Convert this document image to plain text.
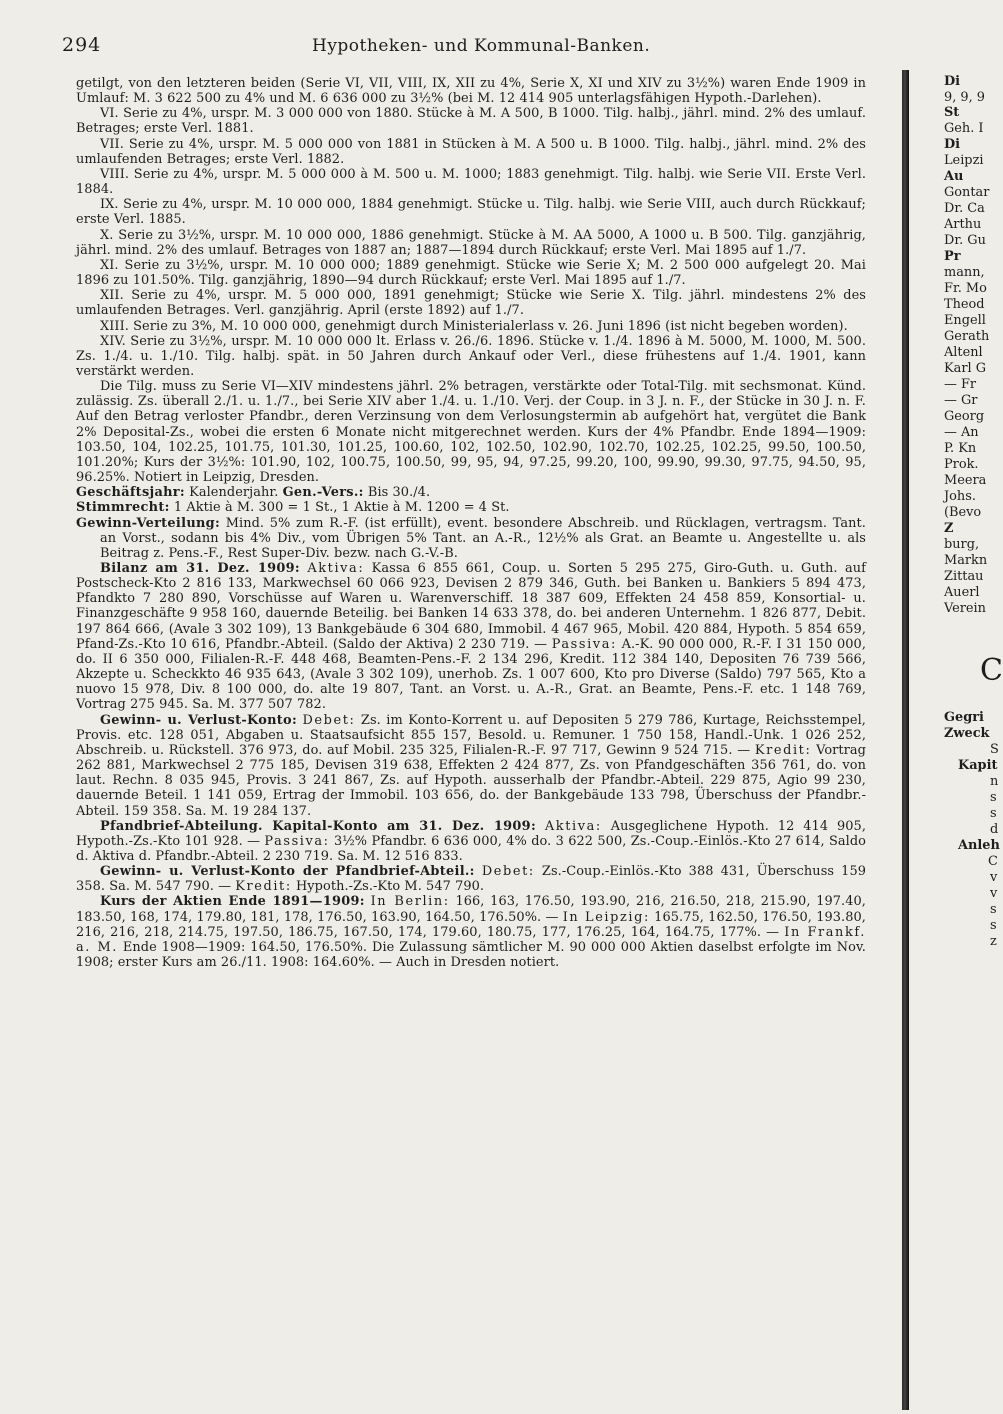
294	Hypotheken- und Kommunal-Banken.

getilgt, von den letzteren beiden (Serie VI, VII, VIII, IX, XII zu 4%, Serie X, XI und XIV zu 3½%) waren Ende 1909 in Umlauf: M. 3 622 500 zu 4% und M. 6 636 000 zu 3½% (bei M. 12 414 905 unterlagsfähigen Hypoth.-Darlehen).

VI. Serie zu 4%, urspr. M. 3 000 000 von 1880. Stücke à M. A 500, B 1000. Tilg. halbj., jährl. mind. 2% des umlauf. Betrages; erste Verl. 1881.

VII. Serie zu 4%, urspr. M. 5 000 000 von 1881 in Stücken à M. A 500 u. B 1000. Tilg. halbj., jährl. mind. 2% des umlaufenden Betrages; erste Verl. 1882.

VIII. Serie zu 4%, urspr. M. 5 000 000 à M. 500 u. M. 1000; 1883 genehmigt. Tilg. halbj. wie Serie VII. Erste Verl. 1884.

IX. Serie zu 4%, urspr. M. 10 000 000, 1884 genehmigt. Stücke u. Tilg. halbj. wie Serie VIII, auch durch Rückkauf; erste Verl. 1885.

X. Serie zu 3½%, urspr. M. 10 000 000, 1886 genehmigt. Stücke à M. AA 5000, A 1000 u. B 500. Tilg. ganzjährig, jährl. mind. 2% des umlauf. Betrages von 1887 an; 1887—1894 durch Rückkauf; erste Verl. Mai 1895 auf 1./7.

XI. Serie zu 3½%, urspr. M. 10 000 000; 1889 genehmigt. Stücke wie Serie X; M. 2 500 000 aufgelegt 20. Mai 1896 zu 101.50%. Tilg. ganzjährig, 1890—94 durch Rückkauf; erste Verl. Mai 1895 auf 1./7.

XII. Serie zu 4%, urspr. M. 5 000 000, 1891 genehmigt; Stücke wie Serie X. Tilg. jährl. mindestens 2% des umlaufenden Betrages. Verl. ganzjährig. April (erste 1892) auf 1./7.

XIII. Serie zu 3%, M. 10 000 000, genehmigt durch Ministerialerlass v. 26. Juni 1896 (ist nicht begeben worden).

XIV. Serie zu 3½%, urspr. M. 10 000 000 lt. Erlass v. 26./6. 1896. Stücke v. 1./4. 1896 à M. 5000, M. 1000, M. 500. Zs. 1./4. u. 1./10. Tilg. halbj. spät. in 50 Jahren durch Ankauf oder Verl., diese frühestens auf 1./4. 1901, kann verstärkt werden.

Die Tilg. muss zu Serie VI—XIV mindestens jährl. 2% betragen, verstärkte oder Total-Tilg. mit sechsmonat. Künd. zulässig. Zs. überall 2./1. u. 1./7., bei Serie XIV aber 1./4. u. 1./10. Verj. der Coup. in 3 J. n. F., der Stücke in 30 J. n. F. Auf den Betrag verloster Pfandbr., deren Verzinsung von dem Verlosungstermin ab aufgehört hat, vergütet die Bank 2% Deposital-Zs., wobei die ersten 6 Monate nicht mitgerechnet werden. Kurs der 4% Pfandbr. Ende 1894—1909: 103.50, 104, 102.25, 101.75, 101.30, 101.25, 100.60, 102, 102.50, 102.90, 102.70, 102.25, 102.25, 99.50, 100.50, 101.20%; Kurs der 3½%: 101.90, 102, 100.75, 100.50, 99, 95, 94, 97.25, 99.20, 100, 99.90, 99.30, 97.75, 94.50, 95, 96.25%. Notiert in Leipzig, Dresden.

Geschäftsjahr: Kalenderjahr. Gen.-Vers.: Bis 30./4.

Stimmrecht: 1 Aktie à M. 300 = 1 St., 1 Aktie à M. 1200 = 4 St.

Gewinn-Verteilung: Mind. 5% zum R.-F. (ist erfüllt), event. besondere Abschreib. und Rücklagen, vertragsm. Tant. an Vorst., sodann bis 4% Div., vom Übrigen 5% Tant. an A.-R., 12½% als Grat. an Beamte u. Angestellte u. als Beitrag z. Pens.-F., Rest Super-Div. bezw. nach G.-V.-B.

Bilanz am 31. Dez. 1909: Aktiva: Kassa 6 855 661, Coup. u. Sorten 5 295 275, Giro-Guth. u. Guth. auf Postscheck-Kto 2 816 133, Markwechsel 60 066 923, Devisen 2 879 346, Guth. bei Banken u. Bankiers 5 894 473, Pfandkto 7 280 890, Vorschüsse auf Waren u. Warenverschiff. 18 387 609, Effekten 24 458 859, Konsortial- u. Finanzgeschäfte 9 958 160, dauernde Beteilig. bei Banken 14 633 378, do. bei anderen Unternehm. 1 826 877, Debit. 197 864 666, (Avale 3 302 109), 13 Bankgebäude 6 304 680, Immobil. 4 467 965, Mobil. 420 884, Hypoth. 5 854 659, Pfand-Zs.-Kto 10 616, Pfandbr.-Abteil. (Saldo der Aktiva) 2 230 719. — Passiva: A.-K. 90 000 000, R.-F. I 31 150 000, do. II 6 350 000, Filialen-R.-F. 448 468, Beamten-Pens.-F. 2 134 296, Kredit. 112 384 140, Depositen 76 739 566, Akzepte u. Scheckkto 46 935 643, (Avale 3 302 109), unerhob. Zs. 1 007 600, Kto pro Diverse (Saldo) 797 565, Kto a nuovo 15 978, Div. 8 100 000, do. alte 19 807, Tant. an Vorst. u. A.-R., Grat. an Beamte, Pens.-F. etc. 1 148 769, Vortrag 275 945. Sa. M. 377 507 782.

Gewinn- u. Verlust-Konto: Debet: Zs. im Konto-Korrent u. auf Depositen 5 279 786, Kurtage, Reichsstempel, Provis. etc. 128 051, Abgaben u. Staatsaufsicht 855 157, Besold. u. Remuner. 1 750 158, Handl.-Unk. 1 026 252, Abschreib. u. Rückstell. 376 973, do. auf Mobil. 235 325, Filialen-R.-F. 97 717, Gewinn 9 524 715. — Kredit: Vortrag 262 881, Markwechsel 2 775 185, Devisen 319 638, Effekten 2 424 877, Zs. von Pfandgeschäften 356 761, do. von laut. Rechn. 8 035 945, Provis. 3 241 867, Zs. auf Hypoth. ausserhalb der Pfandbr.-Abteil. 229 875, Agio 99 230, dauernde Beteil. 1 141 059, Ertrag der Immobil. 103 656, do. der Bankgebäude 133 798, Überschuss der Pfandbr.-Abteil. 159 358. Sa. M. 19 284 137.

Pfandbrief-Abteilung. Kapital-Konto am 31. Dez. 1909: Aktiva: Ausgeglichene Hypoth. 12 414 905, Hypoth.-Zs.-Kto 101 928. — Passiva: 3½% Pfandbr. 6 636 000, 4% do. 3 622 500, Zs.-Coup.-Einlös.-Kto 27 614, Saldo d. Aktiva d. Pfandbr.-Abteil. 2 230 719. Sa. M. 12 516 833.

Gewinn- u. Verlust-Konto der Pfandbrief-Abteil.: Debet: Zs.-Coup.-Einlös.-Kto 388 431, Überschuss 159 358. Sa. M. 547 790. — Kredit: Hypoth.-Zs.-Kto M. 547 790.

Kurs der Aktien Ende 1891—1909: In Berlin: 166, 163, 176.50, 193.90, 216, 216.50, 218, 215.90, 197.40, 183.50, 168, 174, 179.80, 181, 178, 176.50, 163.90, 164.50, 176.50%. — In Leipzig: 165.75, 162.50, 176.50, 193.80, 216, 216, 218, 214.75, 197.50, 186.75, 167.50, 174, 179.60, 180.75, 177, 176.25, 164, 164.75, 177%. — In Frankf. a. M. Ende 1908—1909: 164.50, 176.50%. Die Zulassung sämtlicher M. 90 000 000 Aktien daselbst erfolgte im Nov. 1908; erster Kurs am 26./11. 1908: 164.60%. — Auch in Dresden notiert.

Di
9, 9, 9
St
Geh. I
Di
Leipzi
Au
Gontar
Dr. Ca
Arthu
Dr. Gu
Pr
mann,
Fr. Mo
Theod
Engell
Gerath
Altenl
Karl G
— Fr
— Gr
Georg
— An
P. Kn
Prok.
Meera
Johs.
(Bevo
Z
burg,
Markn
Zittau
Auerl
Verein
C
Gegri
Zweck
S
Kapit
n
s
s
d
Anleh
C
v
v
s
s
z
